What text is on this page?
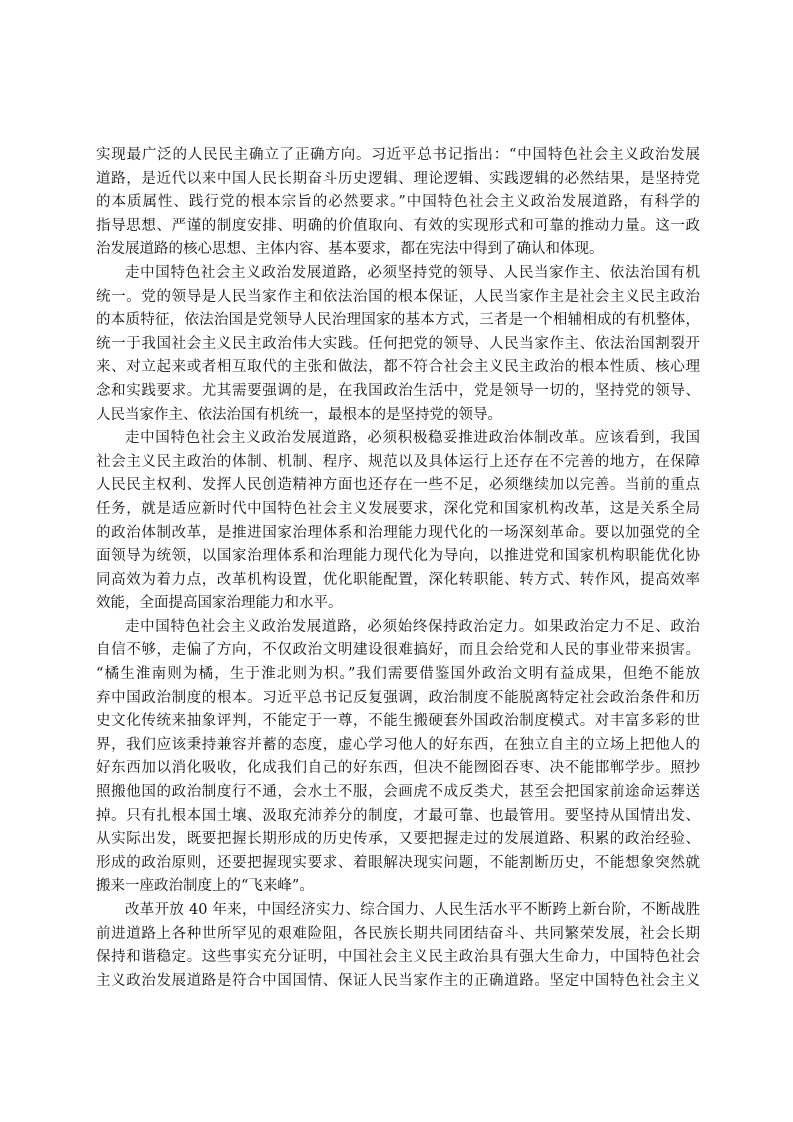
实现最广泛的人民民主确立了正确方向。习近平总书记指出：“中国特色社会主义政治发展
道路，是近代以来中国人民长期奋斗历史逻辑、理论逻辑、实践逻辑的必然结果，是坚持党
的本质属性、践行党的根本宗旨的必然要求。”中国特色社会主义政治发展道路，有科学的
指导思想、严谨的制度安排、明确的价值取向、有效的实现形式和可靠的推动力量。这一政
治发展道路的核心思想、主体内容、基本要求，都在宪法中得到了确认和体现。
走中国特色社会主义政治发展道路，必须坚持党的领导、人民当家作主、依法治国有机
统一。党的领导是人民当家作主和依法治国的根本保证，人民当家作主是社会主义民主政治
的本质特征，依法治国是党领导人民治理国家的基本方式，三者是一个相辅相成的有机整体，
统一于我国社会主义民主政治伟大实践。任何把党的领导、人民当家作主、依法治国割裂开
来、对立起来或者相互取代的主张和做法，都不符合社会主义民主政治的根本性质、核心理
念和实践要求。尤其需要强调的是，在我国政治生活中，党是领导一切的，坚持党的领导、
人民当家作主、依法治国有机统一，最根本的是坚持党的领导。
走中国特色社会主义政治发展道路，必须积极稳妥推进政治体制改革。应该看到，我国
社会主义民主政治的体制、机制、程序、规范以及具体运行上还存在不完善的地方，在保障
人民民主权利、发挥人民创造精神方面也还存在一些不足，必须继续加以完善。当前的重点
任务，就是适应新时代中国特色社会主义发展要求，深化党和国家机构改革，这是关系全局
的政治体制改革，是推进国家治理体系和治理能力现代化的一场深刻革命。要以加强党的全
面领导为统领，以国家治理体系和治理能力现代化为导向，以推进党和国家机构职能优化协
同高效为着力点，改革机构设置，优化职能配置，深化转职能、转方式、转作风，提高效率
效能，全面提高国家治理能力和水平。
走中国特色社会主义政治发展道路，必须始终保持政治定力。如果政治定力不足、政治
自信不够，走偏了方向，不仅政治文明建设很难搞好，而且会给党和人民的事业带来损害。
“橘生淮南则为橘，生于淮北则为枳。”我们需要借鉴国外政治文明有益成果，但绝不能放
弃中国政治制度的根本。习近平总书记反复强调，政治制度不能脱离特定社会政治条件和历
史文化传统来抽象评判，不能定于一尊，不能生搬硬套外国政治制度模式。对丰富多彩的世
界，我们应该秉持兼容并蓄的态度，虚心学习他人的好东西，在独立自主的立场上把他人的
好东西加以消化吸收，化成我们自己的好东西，但决不能囫囵吞枣、决不能邯郸学步。照抄
照搬他国的政治制度行不通，会水土不服，会画虎不成反类犬，甚至会把国家前途命运葬送
掉。只有扎根本国土壤、汲取充沛养分的制度，才最可靠、也最管用。要坚持从国情出发、
从实际出发，既要把握长期形成的历史传承，又要把握走过的发展道路、积累的政治经验、
形成的政治原则，还要把握现实要求、着眼解决现实问题，不能割断历史，不能想象突然就
搬来一座政治制度上的“飞来峰”。
改革开放 40 年来，中国经济实力、综合国力、人民生活水平不断跨上新台阶，不断战胜
前进道路上各种世所罕见的艰难险阻，各民族长期共同团结奋斗、共同繁荣发展，社会长期
保持和谐稳定。这些事实充分证明，中国社会主义民主政治具有强大生命力，中国特色社会
主义政治发展道路是符合中国国情、保证人民当家作主的正确道路。坚定中国特色社会主义
